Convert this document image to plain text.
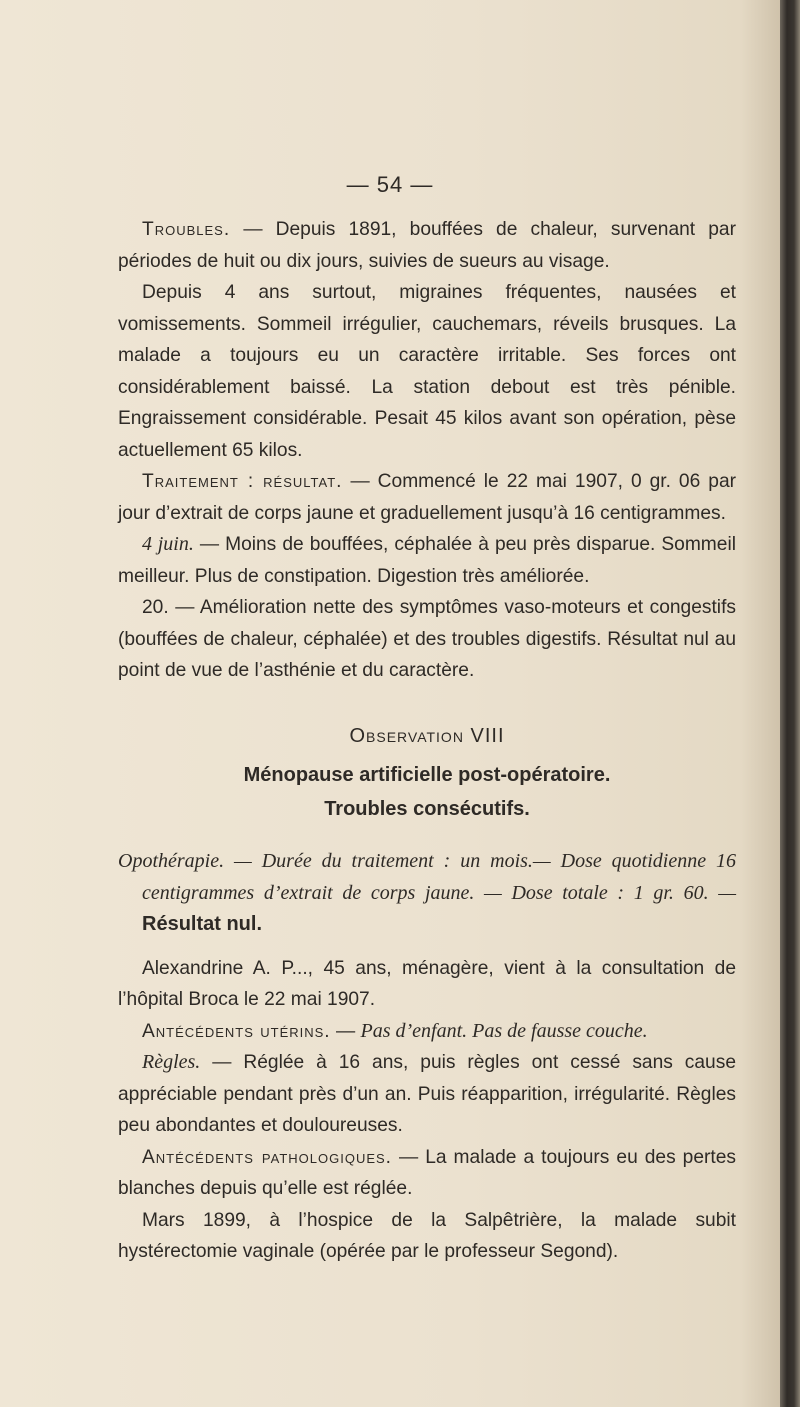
— 54 —

Troubles. — Depuis 1891, bouffées de chaleur, survenant par périodes de huit ou dix jours, suivies de sueurs au visage.

Depuis 4 ans surtout, migraines fréquentes, nausées et vomissements. Sommeil irrégulier, cauchemars, réveils brusques. La malade a toujours eu un caractère irritable. Ses forces ont considérablement baissé. La station debout est très pénible. Engraissement considérable. Pesait 45 kilos avant son opération, pèse actuellement 65 kilos.

Traitement : résultat. — Commencé le 22 mai 1907, 0 gr. 06 par jour d’extrait de corps jaune et graduellement jusqu’à 16 centigrammes.

4 juin. — Moins de bouffées, céphalée à peu près disparue. Sommeil meilleur. Plus de constipation. Digestion très améliorée.

20. — Amélioration nette des symptômes vaso-moteurs et congestifs (bouffées de chaleur, céphalée) et des troubles digestifs. Résultat nul au point de vue de l’asthénie et du caractère.

Observation VIII

Ménopause artificielle post-opératoire.

Troubles consécutifs.

Opothérapie. — Durée du traitement : un mois.— Dose quotidienne 16 centigrammes d’extrait de corps jaune. — Dose totale : 1 gr. 60. — Résultat nul.

Alexandrine A. P..., 45 ans, ménagère, vient à la consultation de l’hôpital Broca le 22 mai 1907.

Antécédents utérins. — Pas d’enfant. Pas de fausse couche.

Règles. — Réglée à 16 ans, puis règles ont cessé sans cause appréciable pendant près d’un an. Puis réapparition, irrégularité. Règles peu abondantes et douloureuses.

Antécédents pathologiques. — La malade a toujours eu des pertes blanches depuis qu’elle est réglée.

Mars 1899, à l’hospice de la Salpêtrière, la malade subit hystérectomie vaginale (opérée par le professeur Segond).
